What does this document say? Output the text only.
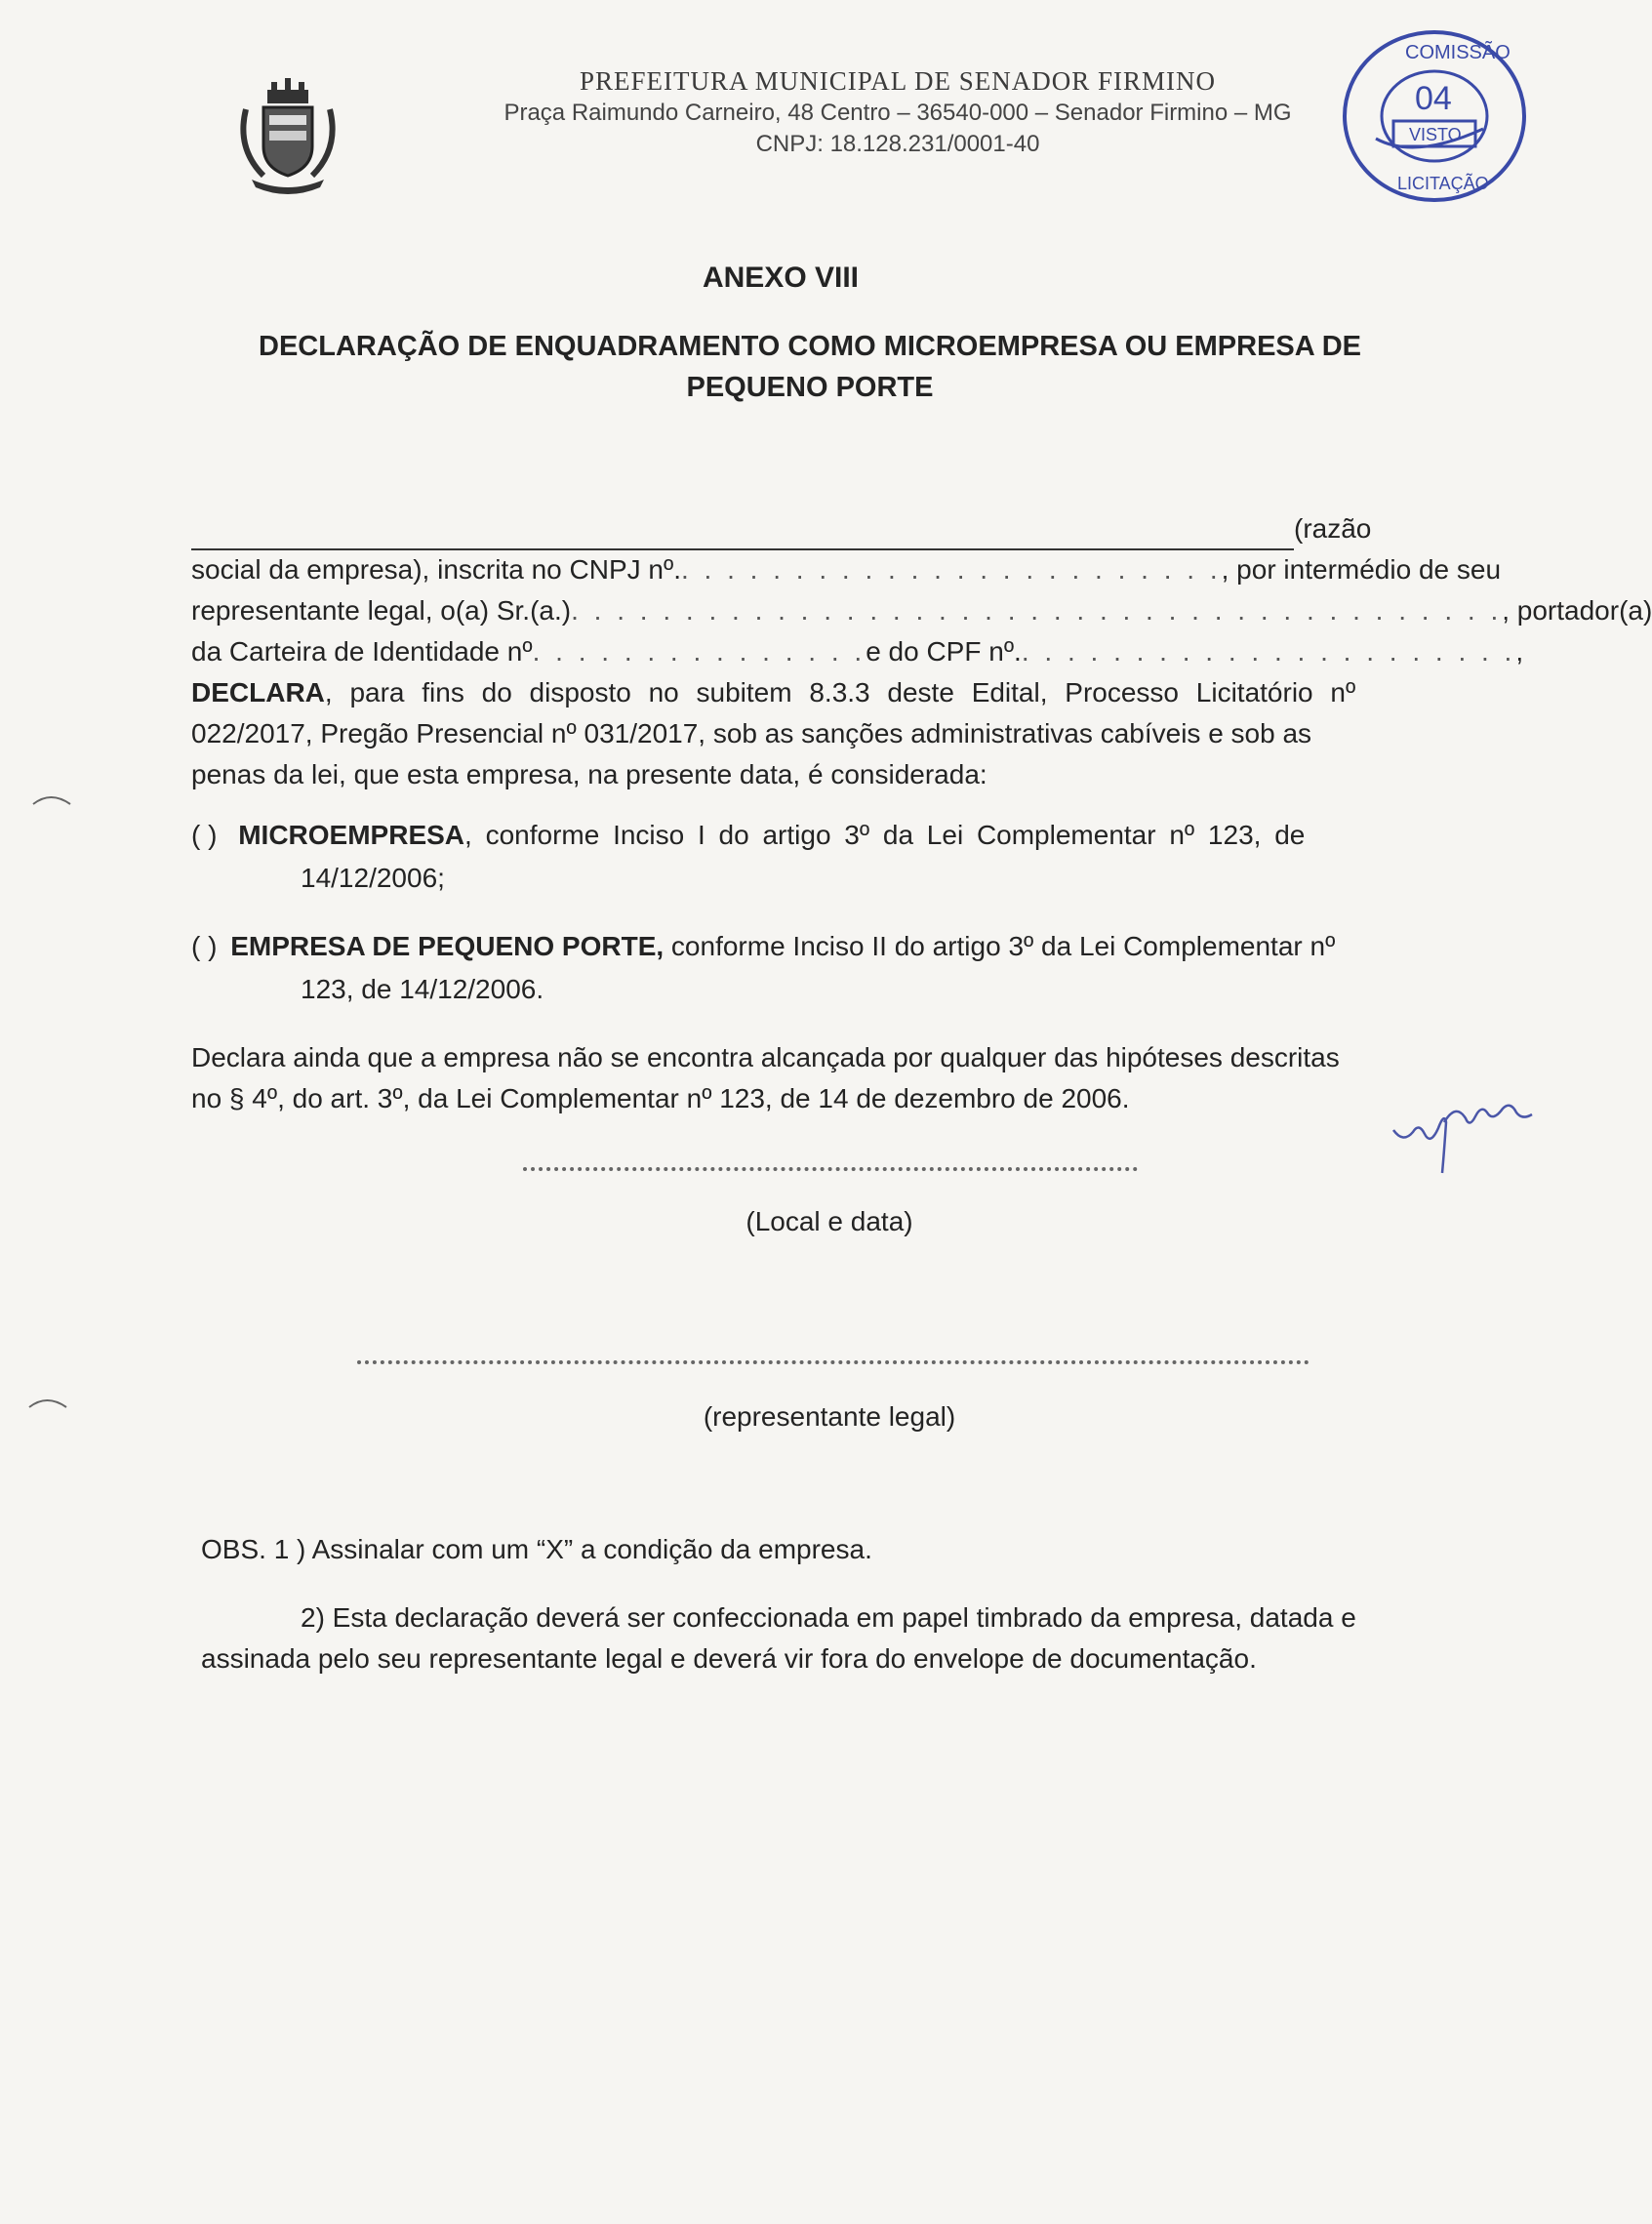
PREFEITURA MUNICIPAL DE SENADOR FIRMINO
Praça Raimundo Carneiro, 48 Centro – 36540-000 – Senador Firmino – MG
CNPJ: 18.128.231/0001-40
COMISSÃO
04
VISTO
LICITAÇÃO
ANEXO VIII
DECLARAÇÃO DE ENQUADRAMENTO COMO MICROEMPRESA OU EMPRESA DE PEQUENO PORTE
(razão
social da empresa), inscrita no CNPJ nº. . . . . . . . . . . . . . . . . . . . . . . . . , por intermédio de seu
representante legal, o(a) Sr.(a.) . . . . . . . . . . . . . . . . . . . . . . . . . . . . . . . . . . . . . . . . . , portador(a)
da Carteira de Identidade nº . . . . . . . . . . . . . . . e do CPF nº. . . . . . . . . . . . . . . . . . . . . . . ,
DECLARA, para fins do disposto no subitem 8.3.3 deste Edital, Processo Licitatório nº
022/2017, Pregão Presencial nº 031/2017, sob as sanções administrativas cabíveis e sob as
penas da lei, que esta empresa, na presente data, é considerada:
( ) MICROEMPRESA, conforme Inciso I do artigo 3º da Lei Complementar nº 123, de
14/12/2006;
( ) EMPRESA DE PEQUENO PORTE, conforme Inciso II do artigo 3º da Lei Complementar nº
123, de 14/12/2006.
Declara ainda que a empresa não se encontra alcançada por qualquer das hipóteses descritas
no § 4º, do art. 3º, da Lei Complementar nº 123, de 14 de dezembro de 2006.
(Local e data)
(representante legal)
OBS. 1 ) Assinalar com um “X” a condição da empresa.
2) Esta declaração deverá ser confeccionada em papel timbrado da empresa, datada e
assinada pelo seu representante legal e deverá vir fora do envelope de documentação.
